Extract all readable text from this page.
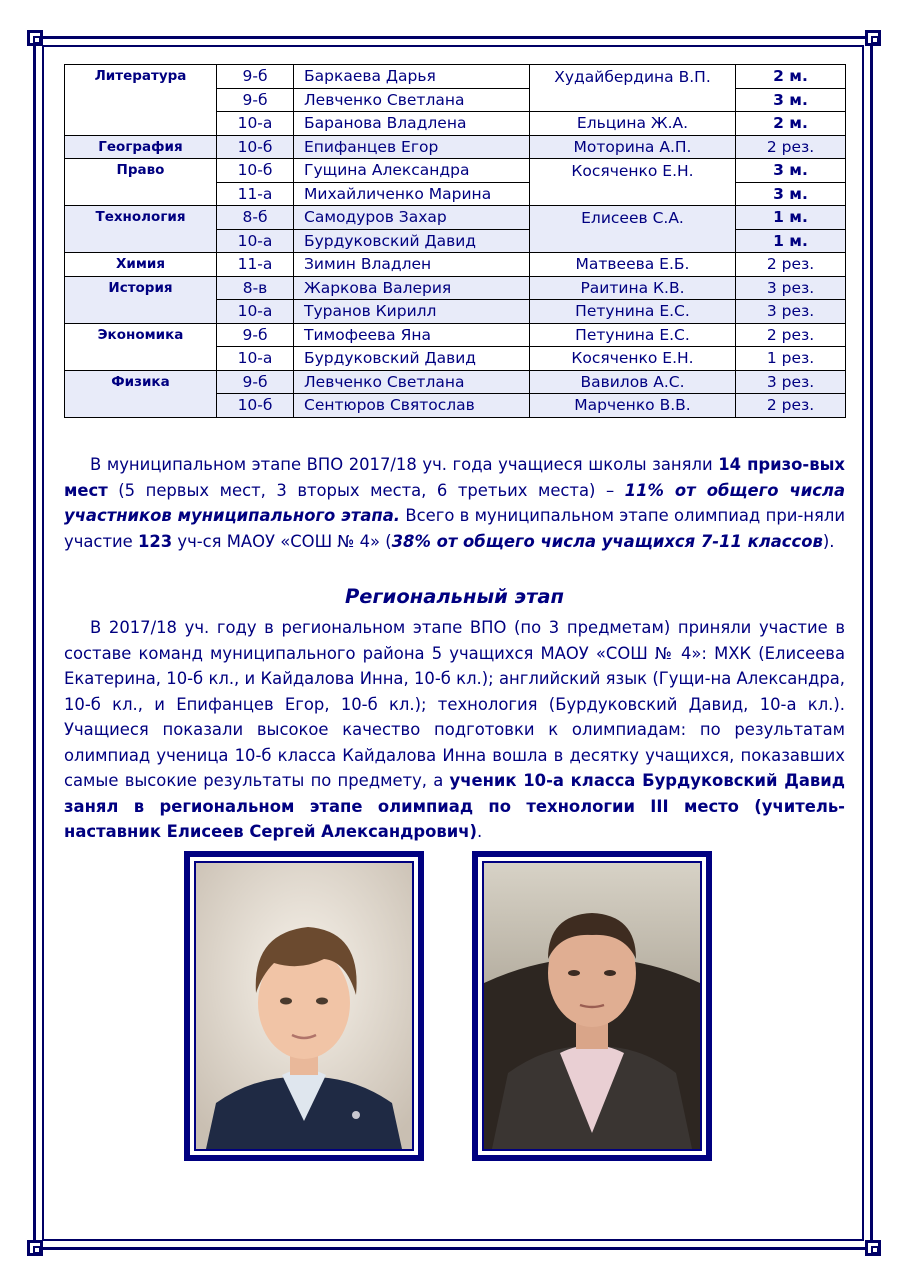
Литература	9-б	Баркаева Дарья	Худайбердина В.П.	2 м.
	9-б	Левченко Светлана		3 м.
	10-а	Баранова Владлена	Ельцина Ж.А.	2 м.
География	10-б	Епифанцев Егор	Моторина А.П.	2 рез.
Право	10-б	Гущина Александра	Косяченко Е.Н.	3 м.
	11-а	Михайличенко Марина		3 м.
Технология	8-б	Самодуров Захар	Елисеев С.А.	1 м.
	10-а	Бурдуковский Давид		1 м.
Химия	11-а	Зимин Владлен	Матвеева Е.Б.	2 рез.
История	8-в	Жаркова Валерия	Раитина К.В.	3 рез.
	10-а	Туранов Кирилл	Петунина Е.С.	3 рез.
Экономика	9-б	Тимофеева Яна	Петунина Е.С.	2 рез.
	10-а	Бурдуковский Давид	Косяченко Е.Н.	1 рез.
Физика	9-б	Левченко Светлана	Вавилов А.С.	3 рез.
	10-б	Сентюров Святослав	Марченко В.В.	2 рез.

В муниципальном этапе ВПО 2017/18 уч. года учащиеся школы заняли 14 призо-вых мест (5 первых мест, 3 вторых места, 6 третьих места) – 11% от общего числа участников муниципального этапа. Всего в муниципальном этапе олимпиад при-няли участие 123 уч-ся МАОУ «СОШ № 4» (38% от общего числа учащихся 7-11 классов).

Региональный этап

В 2017/18 уч. году в региональном этапе ВПО (по 3 предметам) приняли участие в составе команд муниципального района 5 учащихся МАОУ «СОШ № 4»: МХК (Елисеева Екатерина, 10-б кл., и Кайдалова Инна, 10-б кл.); английский язык (Гущи-на Александра, 10-б кл., и Епифанцев Егор, 10-б кл.); технология (Бурдуковский Давид, 10-а кл.). Учащиеся показали высокое качество подготовки к олимпиадам: по результатам олимпиад ученица 10-б класса Кайдалова Инна вошла в десятку учащихся, показавших самые высокие результаты по предмету, а ученик 10-а класса Бурдуковский Давид занял в региональном этапе олимпиад по технологии III место (учитель-наставник Елисеев Сергей Александрович).
